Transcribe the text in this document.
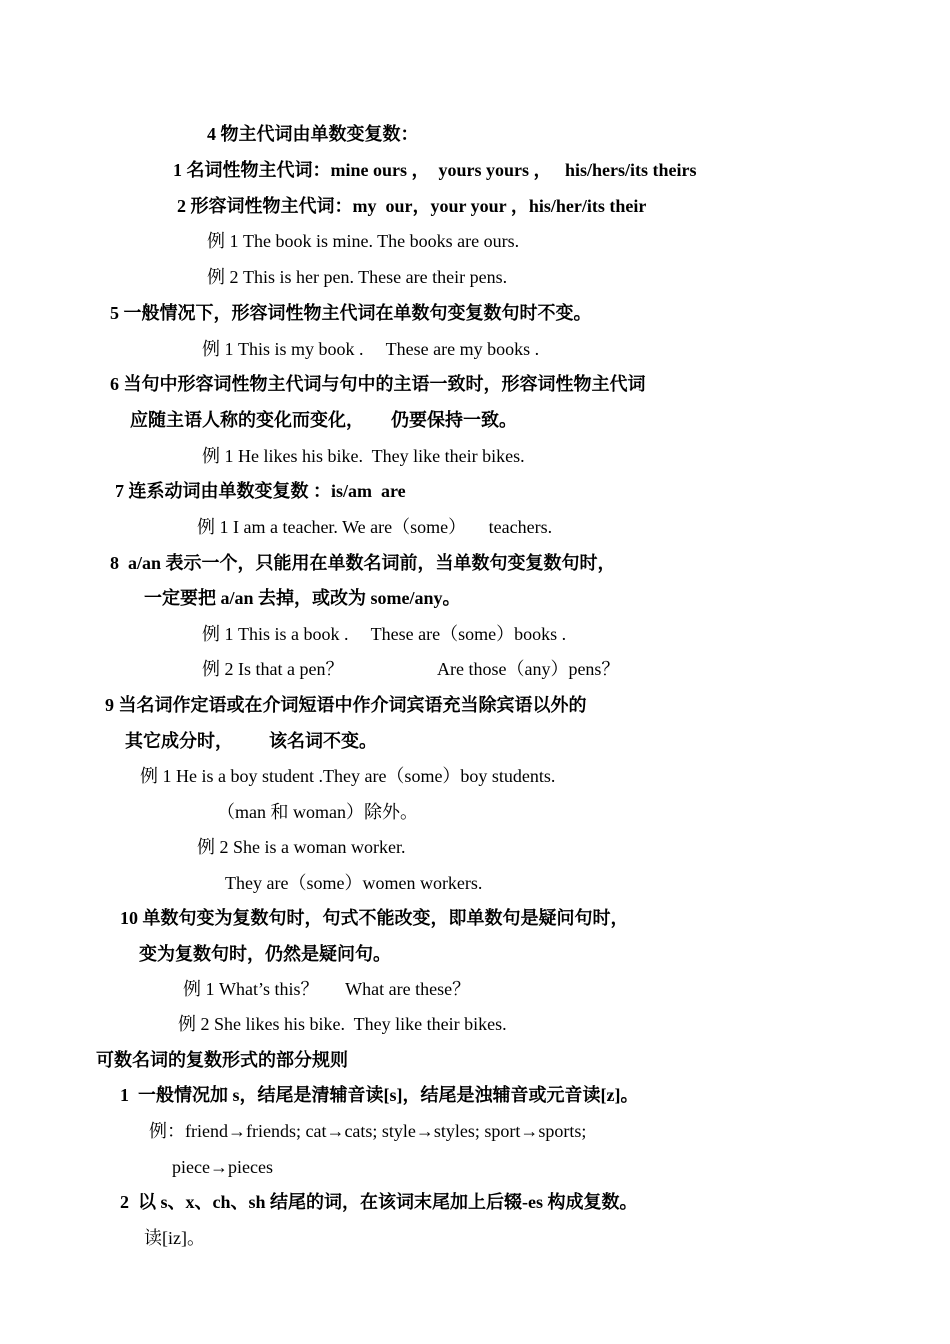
4 物主代词由单数变复数：
1 名词性物主代词：mine ours ，  yours yours ，   his/hers/its theirs
2 形容词性物主代词：my  our，your your ，his/her/its their
例 1 The book is mine. The books are ours.
例 2 This is her pen. These are their pens.
5 一般情况下，形容词性物主代词在单数句变复数句时不变。
例 1 This is my book .     These are my books .
6 当句中形容词性物主代词与句中的主语一致时，形容词性物主代词
应随主语人称的变化而变化，      仍要保持一致。
例 1 He likes his bike.  They like their bikes.
7 连系动词由单数变复数 ：is/am  are
例 1 I am a teacher. We are（some）     teachers.
8  a/an 表示一个，只能用在单数名词前，当单数句变复数句时，
一定要把 a/an 去掉，或改为 some/any。
例 1 This is a book .     These are（some）books .
例 2 Is that a pen？                     Are those（any）pens？
9 当名词作定语或在介词短语中作介词宾语充当除宾语以外的
其它成分时，        该名词不变。
例 1 He is a boy student .They are（some）boy students.
（man 和 woman）除外。
例 2 She is a woman worker.
They are（some）women workers.
10 单数句变为复数句时，句式不能改变，即单数句是疑问句时，
变为复数句时，仍然是疑问句。
例 1 What’s this？      What are these？
例 2 She likes his bike.  They like their bikes.
可数名词的复数形式的部分规则
1  一般情况加 s，结尾是清辅音读[s]，结尾是浊辅音或元音读[z]。
例：friend→friends; cat→cats; style→styles; sport→sports;
piece→pieces
2  以 s、x、ch、sh 结尾的词，在该词末尾加上后辍-es 构成复数。
读[iz]。
